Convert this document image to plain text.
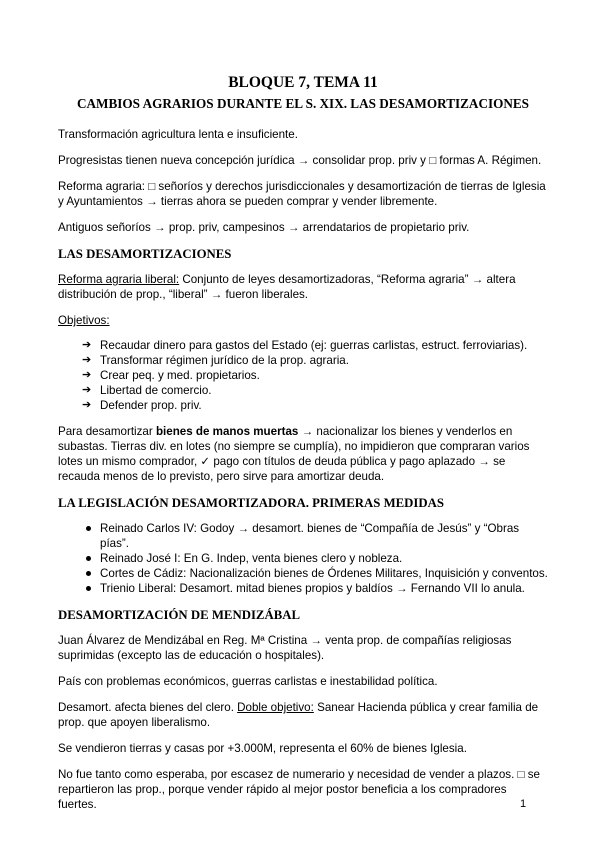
BLOQUE 7, TEMA 11
CAMBIOS AGRARIOS DURANTE EL S. XIX. LAS DESAMORTIZACIONES

Transformación agricultura lenta e insuficiente.

Progresistas tienen nueva concepción jurídica → consolidar prop. priv y □ formas A. Régimen.

Reforma agraria: □ señoríos y derechos jurisdiccionales y desamortización de tierras de Iglesia y Ayuntamientos → tierras ahora se pueden comprar y vender libremente.

Antiguos señoríos → prop. priv, campesinos → arrendatarios de propietario priv.

LAS DESAMORTIZACIONES

Reforma agraria liberal: Conjunto de leyes desamortizadoras, “Reforma agraria” → altera distribución de prop., “liberal” → fueron liberales.

Objetivos:

➔ Recaudar dinero para gastos del Estado (ej: guerras carlistas, estruct. ferroviarias).
➔ Transformar régimen jurídico de la prop. agraria.
➔ Crear peq. y med. propietarios.
➔ Libertad de comercio.
➔ Defender prop. priv.

Para desamortizar bienes de manos muertas → nacionalizar los bienes y venderlos en subastas. Tierras div. en lotes (no siempre se cumplía), no impidieron que compraran varios lotes un mismo comprador, ✓ pago con títulos de deuda pública y pago aplazado → se recauda menos de lo previsto, pero sirve para amortizar deuda.

LA LEGISLACIÓN DESAMORTIZADORA. PRIMERAS MEDIDAS
Reinado Carlos IV: Godoy → desamort. bienes de “Compañía de Jesús” y “Obras pías”.
Reinado José I: En G. Indep, venta bienes clero y nobleza.
Cortes de Cádiz: Nacionalización bienes de Órdenes Militares, Inquisición y conventos.
Trienio Liberal: Desamort. mitad bienes propios y baldíos → Fernando VII lo anula.
DESAMORTIZACIÓN DE MENDIZÁBAL

Juan Álvarez de Mendizábal en Reg. Mª Cristina → venta prop. de compañías religiosas suprimidas (excepto las de educación o hospitales).

País con problemas económicos, guerras carlistas e inestabilidad política.

Desamort. afecta bienes del clero. Doble objetivo: Sanear Hacienda pública y crear familia de prop. que apoyen liberalismo.

Se vendieron tierras y casas por +3.000M, representa el 60% de bienes Iglesia.

No fue tanto como esperaba, por escasez de numerario y necesidad de vender a plazos. □ se repartieron las prop., porque vender rápido al mejor postor beneficia a los compradores fuertes.	1
